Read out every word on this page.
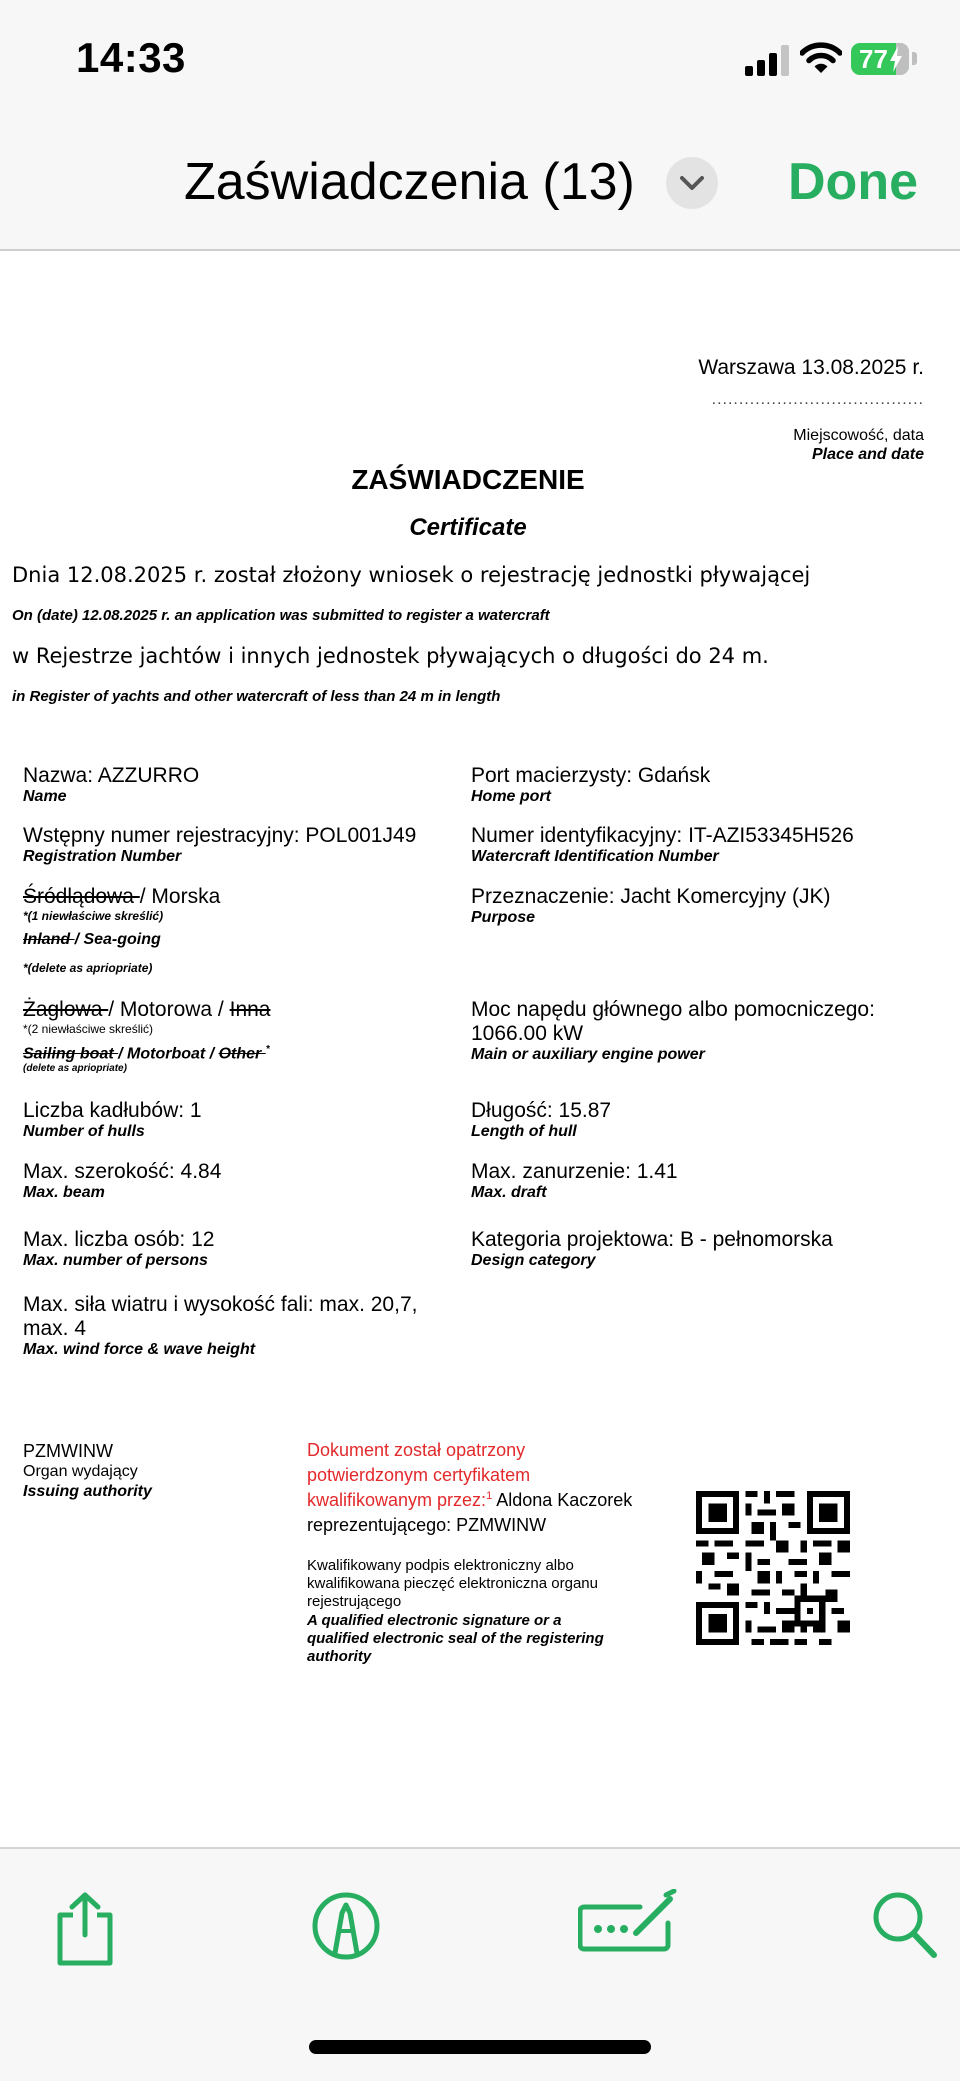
14:33	77
Zaświadczenia (13)	Done
Warszawa 13.08.2025 r.
.......................................
Miejscowość, data
Place and date
ZAŚWIADCZENIE
Certificate
Dnia 12.08.2025 r. został złożony wniosek o rejestrację jednostki pływającej
On (date) 12.08.2025 r. an application was submitted to register a watercraft
w Rejestrze jachtów i innych jednostek pływających o długości do 24 m.
in Register of yachts and other watercraft of less than 24 m in length
Nazwa: AZZURRO
Name
Wstępny numer rejestracyjny: POL001J49
Registration Number
Śródlądowa / Morska
*(1 niewłaściwe skreślić)
Inland / Sea-going
*(delete as apriopriate)
Żaglowa / Motorowa / Inna
*(2 niewłaściwe skreślić)
Sailing boat / Motorboat / Other *
(delete as apriopriate)
Liczba kadłubów: 1
Number of hulls
Max. szerokość: 4.84
Max. beam
Max. liczba osób: 12
Max. number of persons
Max. siła wiatru i wysokość fali: max. 20,7,
max. 4
Max. wind force & wave height
Port macierzysty: Gdańsk
Home port
Numer identyfikacyjny: IT-AZI53345H526
Watercraft Identification Number
Przeznaczenie: Jacht Komercyjny (JK)
Purpose
Moc napędu głównego albo pomocniczego:
1066.00 kW
Main or auxiliary engine power
Długość: 15.87
Length of hull
Max. zanurzenie: 1.41
Max. draft
Kategoria projektowa: B - pełnomorska
Design category
PZMWINW
Organ wydający
Issuing authority
Dokument został opatrzony
potwierdzonym certyfikatem
kwalifikowanym przez:$^1$ Aldona Kaczorek
reprezentującego: PZMWINW
Kwalifikowany podpis elektroniczny albo
kwalifikowana pieczęć elektroniczna organu
rejestrującego
A qualified electronic signature or a
qualified electronic seal of the registering
authority
